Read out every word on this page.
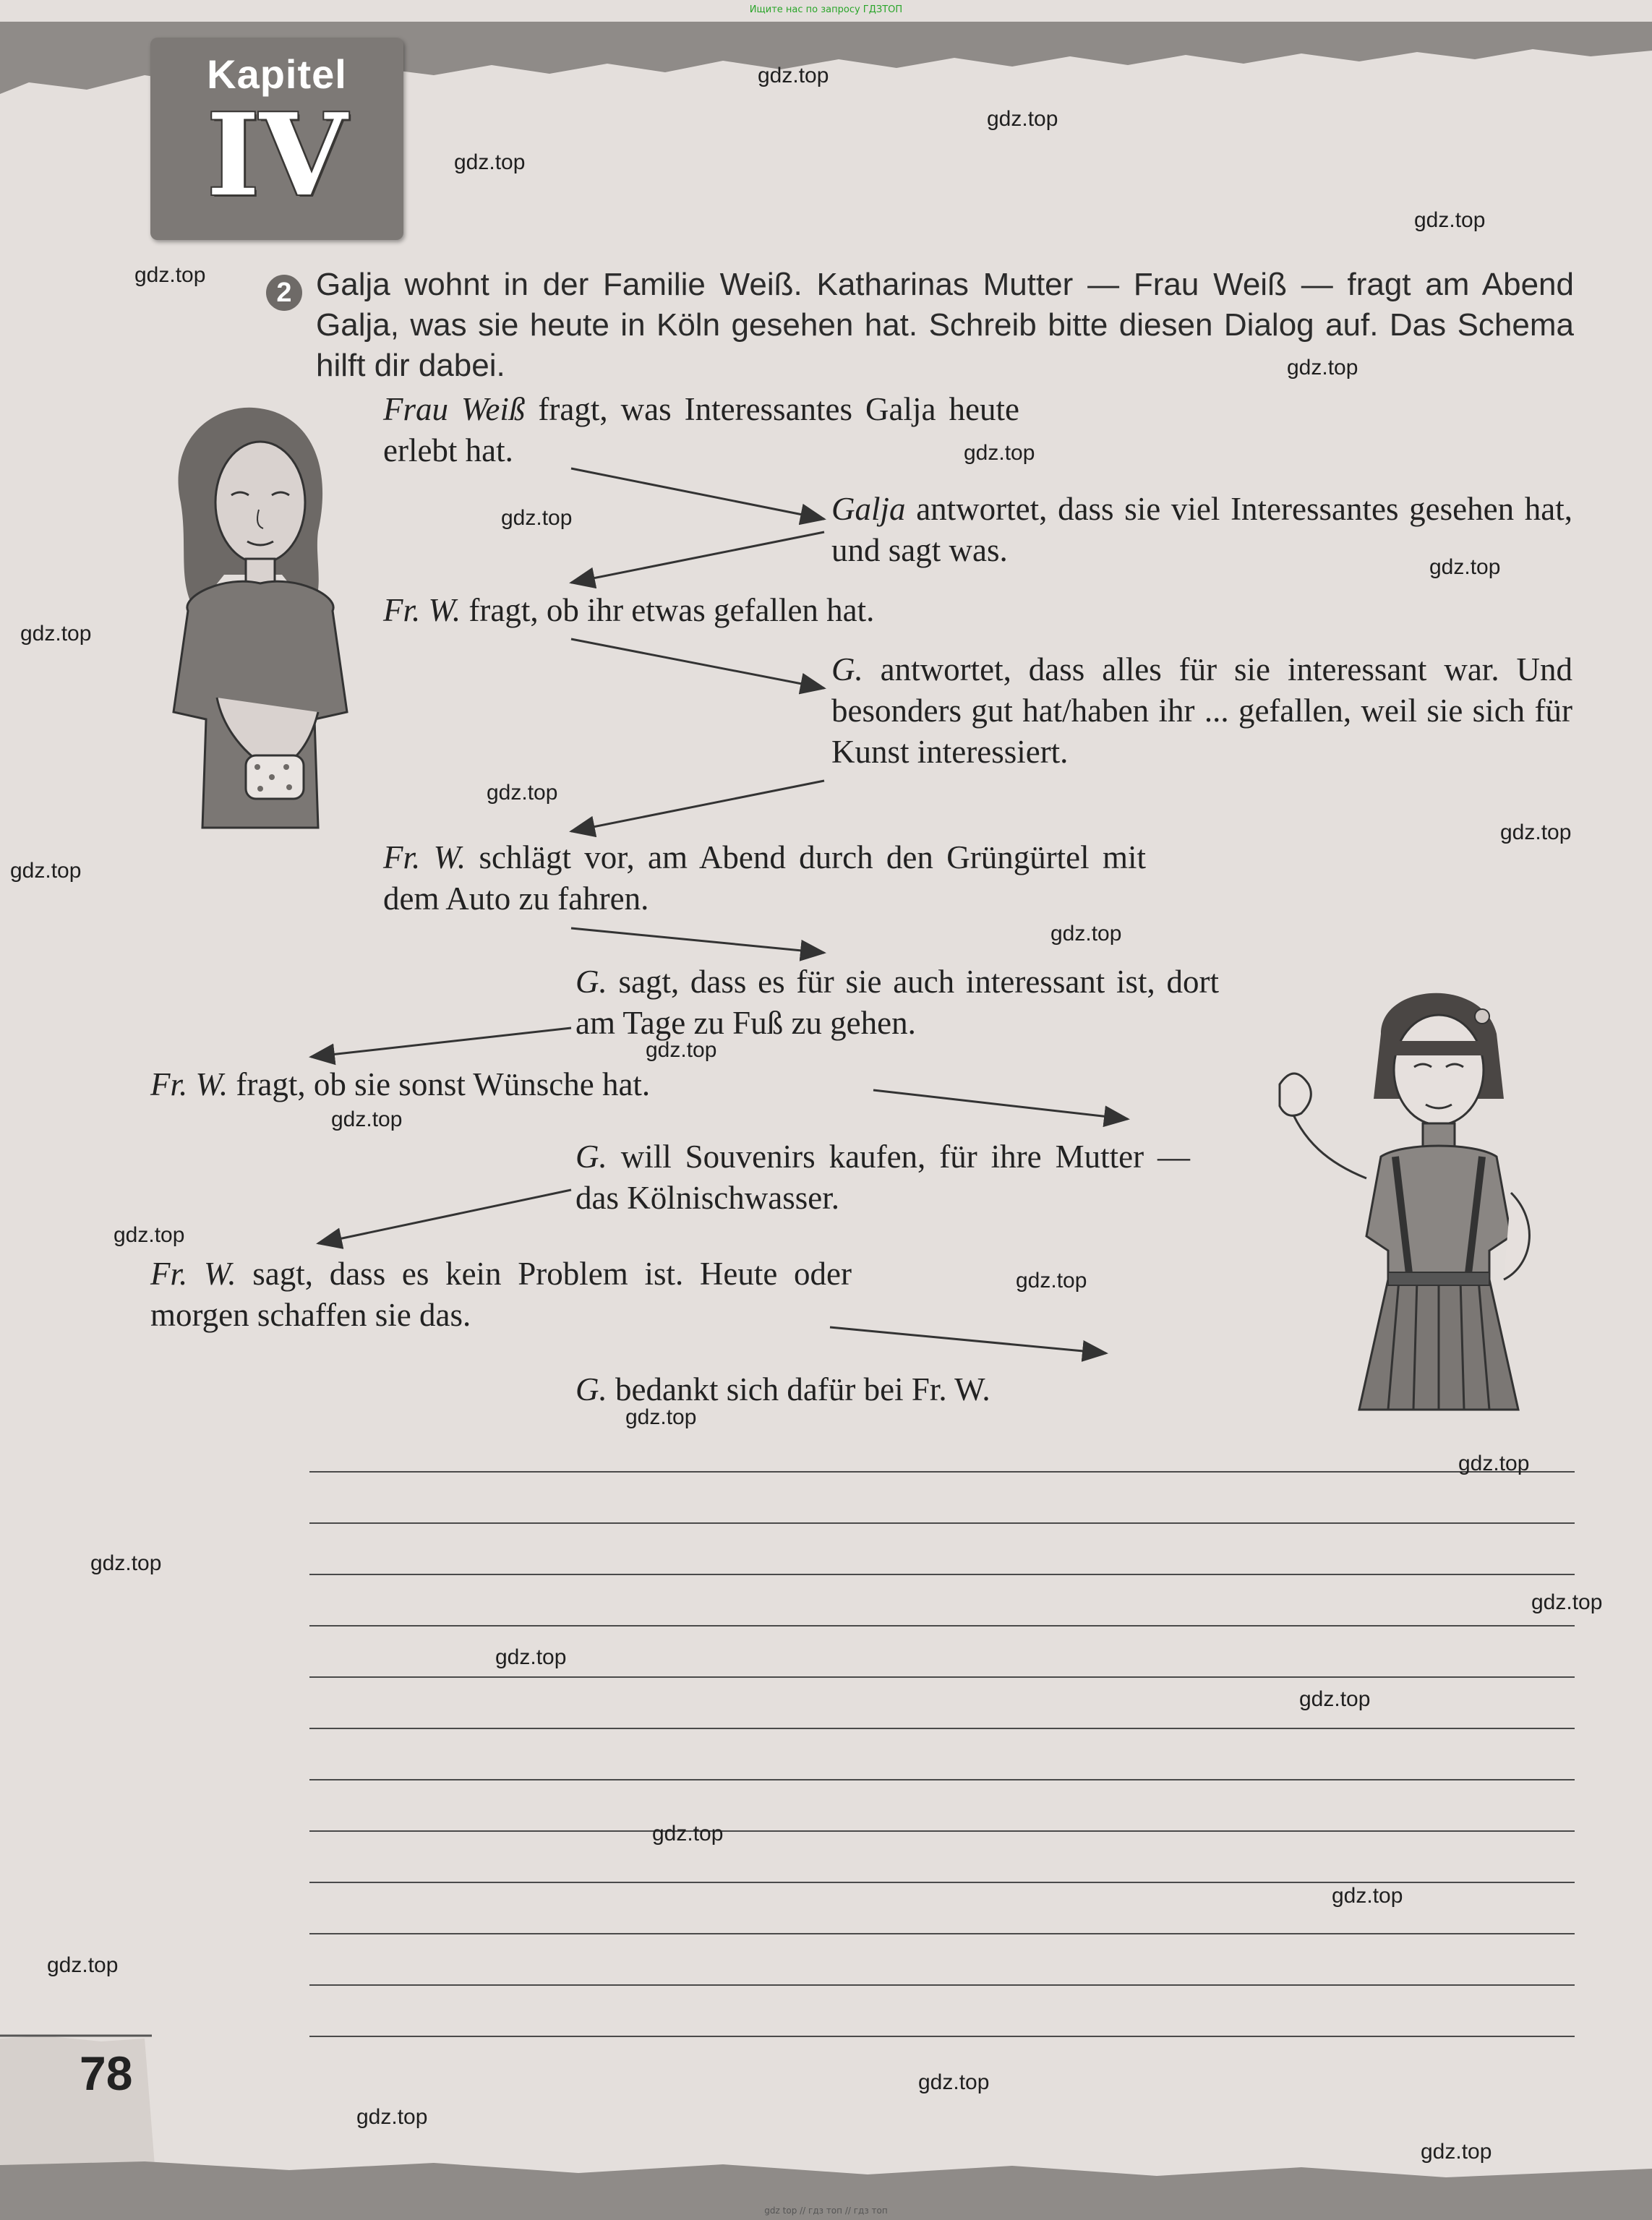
Ищите нас по запросу ГДЗТОП
Kapitel
IV
2 Galja wohnt in der Familie Weiß. Katharinas Mutter — Frau Weiß — fragt am Abend Galja, was sie heute in Köln gesehen hat. Schreib bitte diesen Dialog auf. Das Schema hilft dir dabei.
Frau Weiß fragt, was Interessantes Galja heute erlebt hat.
Galja antwortet, dass sie viel Interessantes gesehen hat, und sagt was.
Fr. W. fragt, ob ihr etwas gefallen hat.
G. antwortet, dass alles für sie interessant war. Und besonders gut hat/haben ihr ... gefallen, weil sie sich für Kunst interessiert.
Fr. W. schlägt vor, am Abend durch den Grüngürtel mit dem Auto zu fahren.
G. sagt, dass es für sie auch interessant ist, dort am Tage zu Fuß zu gehen.
Fr. W. fragt, ob sie sonst Wünsche hat.
G. will Souvenirs kaufen, für ihre Mutter — das Kölnischwasser.
Fr. W. sagt, dass es kein Problem ist. Heute oder morgen schaffen sie das.
G. bedankt sich dafür bei Fr. W.
78
gdz.top
gdz.top
gdz.top
gdz.top
gdz.top
gdz.top
gdz.top
gdz.top
gdz.top
gdz.top
gdz.top
gdz.top
gdz.top
gdz.top
gdz.top
gdz.top
gdz.top
gdz.top
gdz.top
gdz.top
gdz.top
gdz.top
gdz.top
gdz.top
gdz.top
gdz.top
gdz.top
gdz.top
gdz.top
gdz.top
gdz top // гдз топ // гдз топ
